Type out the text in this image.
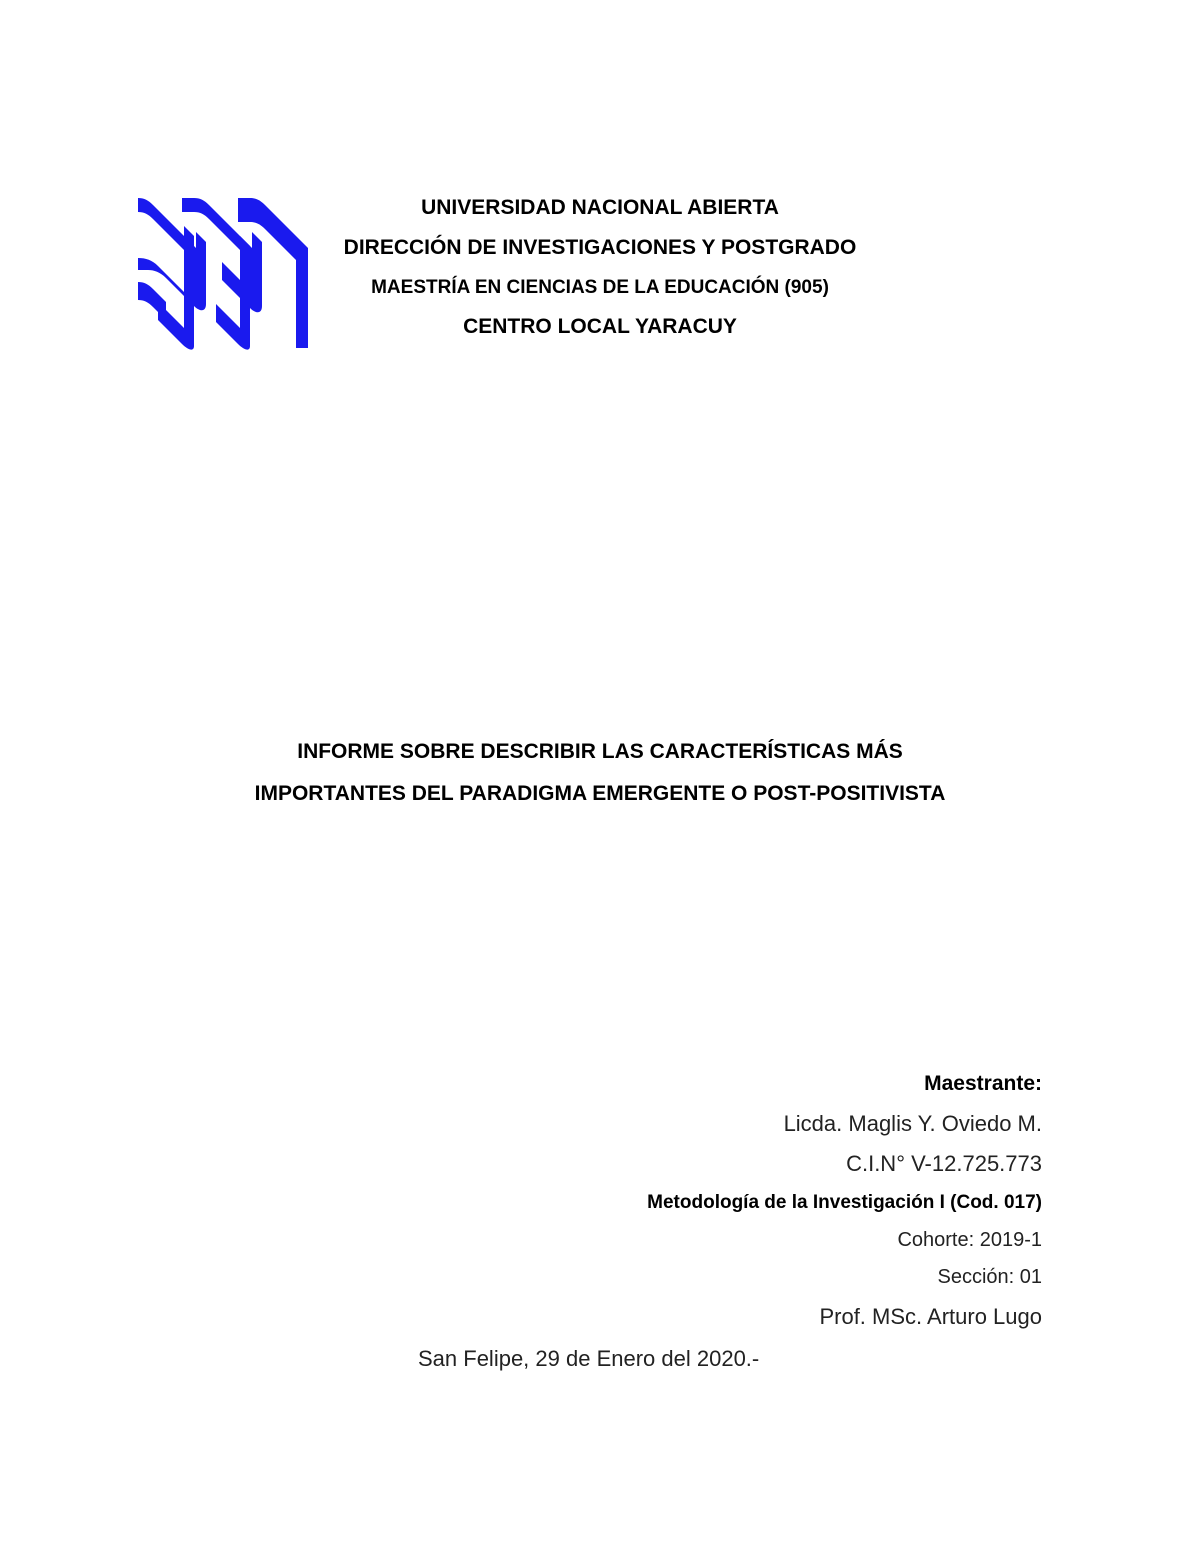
UNIVERSIDAD NACIONAL ABIERTA
DIRECCIÓN DE INVESTIGACIONES Y POSTGRADO
MAESTRÍA EN CIENCIAS DE LA EDUCACIÓN (905)
CENTRO LOCAL YARACUY
INFORME SOBRE DESCRIBIR LAS CARACTERÍSTICAS MÁS
IMPORTANTES DEL PARADIGMA EMERGENTE O POST-POSITIVISTA
Maestrante:
Licda. Maglis Y. Oviedo M.
C.I.N° V-12.725.773
Metodología de la Investigación I (Cod. 017)
Cohorte: 2019-1
Sección: 01
Prof. MSc. Arturo Lugo
San Felipe, 29 de Enero del 2020.-
